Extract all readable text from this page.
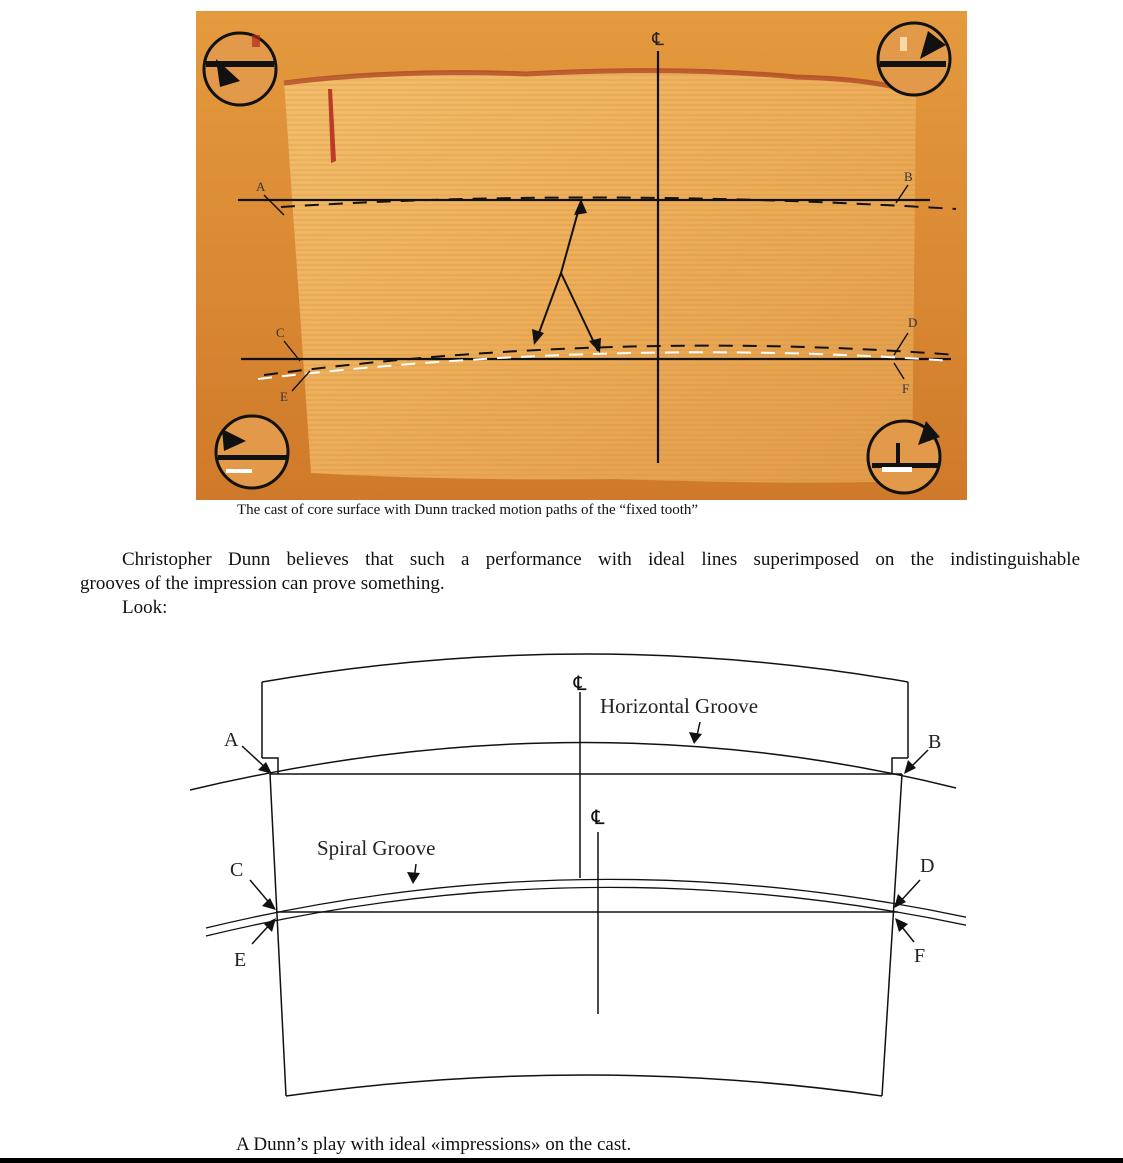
℄
A
B
C
D
E
F
The cast of core surface with Dunn tracked motion paths of the “fixed tooth”
Christopher Dunn believes that such a performance with ideal lines superimposed on the indistinguishable
grooves of the impression can prove something.
Look:
℄
℄
Horizontal Groove
Spiral Groove
A	B
C	D
E	F
A Dunn’s play with ideal «impressions» on the cast.
